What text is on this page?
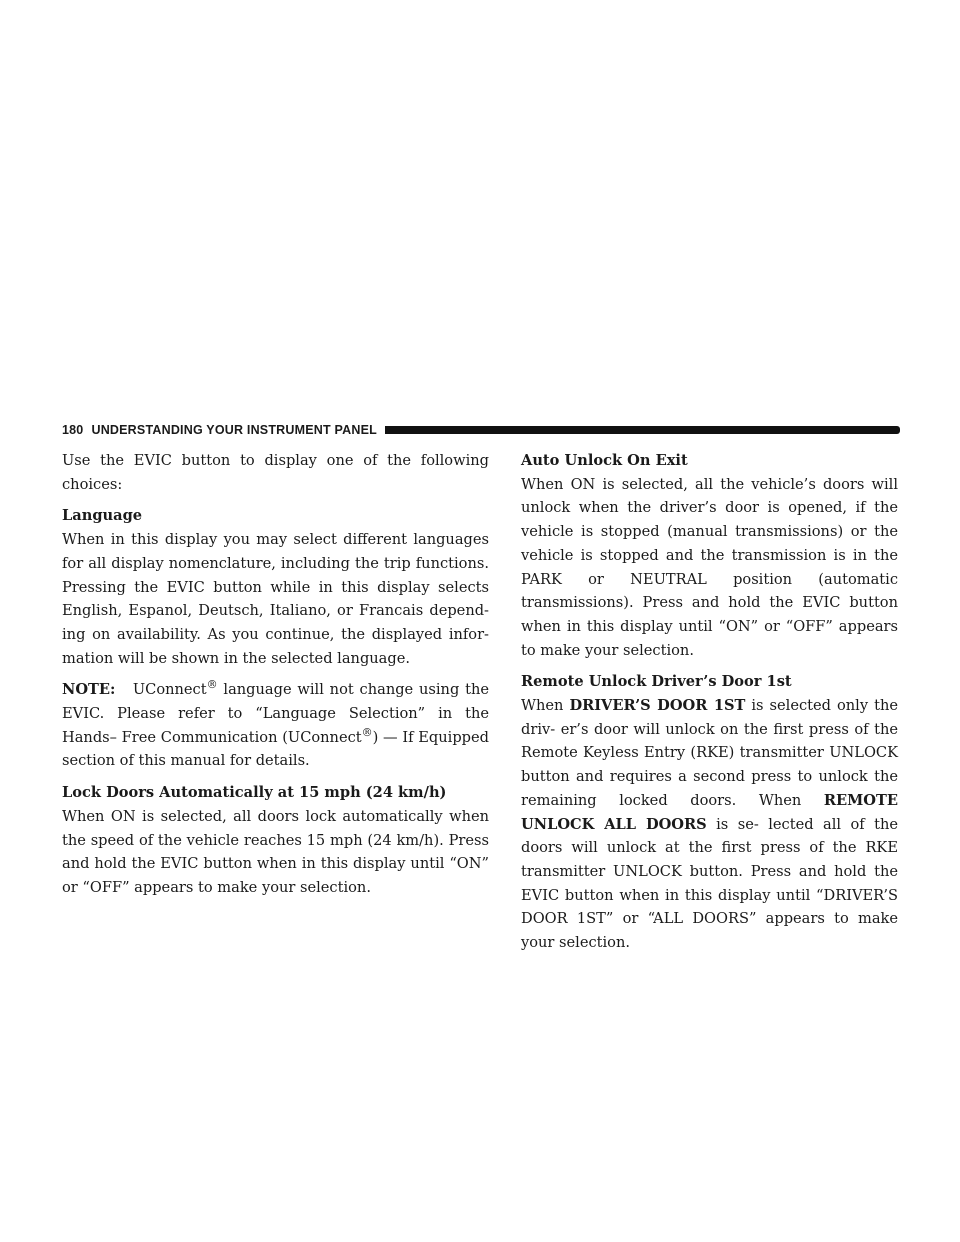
180 UNDERSTANDING YOUR INSTRUMENT PANEL

Use the EVIC button to display one of the following choices:

Language

When in this display you may select different languages for all display nomenclature, including the trip functions. Pressing the EVIC button while in this display selects English, Espanol, Deutsch, Italiano, or Francais depend- ing on availability. As you continue, the displayed infor- mation will be shown in the selected language.

NOTE: UConnect® language will not change using the EVIC. Please refer to “Language Selection” in the Hands– Free Communication (UConnect®) — If Equipped section of this manual for details.

Lock Doors Automatically at 15 mph (24 km/h)

When ON is selected, all doors lock automatically when the speed of the vehicle reaches 15 mph (24 km/h). Press and hold the EVIC button when in this display until “ON” or “OFF” appears to make your selection.

Auto Unlock On Exit

When ON is selected, all the vehicle’s doors will unlock when the driver’s door is opened, if the vehicle is stopped (manual transmissions) or the vehicle is stopped and the transmission is in the PARK or NEUTRAL position (automatic transmissions). Press and hold the EVIC button when in this display until “ON” or “OFF” appears to make your selection.

Remote Unlock Driver’s Door 1st

When DRIVER’S DOOR 1ST is selected only the driv- er’s door will unlock on the first press of the Remote Keyless Entry (RKE) transmitter UNLOCK button and requires a second press to unlock the remaining locked doors. When REMOTE UNLOCK ALL DOORS is se- lected all of the doors will unlock at the first press of the RKE transmitter UNLOCK button. Press and hold the EVIC button when in this display until “DRIVER’S DOOR 1ST” or “ALL DOORS” appears to make your selection.
